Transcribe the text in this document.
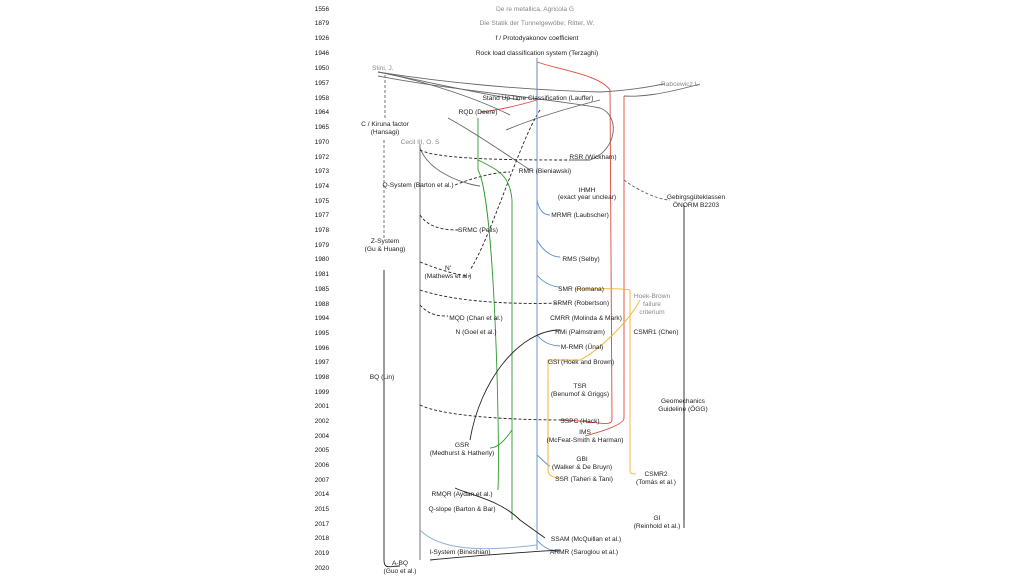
1556
1879
1926
1946
1950
1957
1958
1964
1965
1970
1972
1973
1974
1975
1977
1978
1979
1980
1981
1985
1988
1994
1995
1996
1997
1998
1999
2001
2002
2004
2005
2006
2007
2014
2015
2017
2018
2019
2020
De re metallica, Agricola G
Die Statik der Tunnelgewöbe; Ritter, W.
f / Protodyakonov coefficient
Rock load classification system (Terzaghi)
Stini, J.
Rabcewicz L.
Stand Up Time Classification (Lauffer)
RQD (Deere)
C / Kiruna factor
(Hansagi)
Cecil III, O. S
RSR (Wickham)
RMR (Bieniawski)
Q-System (Barton et al.)
IHMH
(exact year unclear)	Gebirgsgüteklassen
ÖNORM B2203
MRMR (Laubscher)
SRMC (Pells)
Z-System
(Gu & Huang)
N'
(Mathews et al.)
RMS (Selby)
SMR (Romana)
Hoek-Brown
failure
criterium
SRMR (Robertson)
MQD (Chan et al.)	CMRR (Molinda & Mark)
N (Goel et al.)	RMi (Palmstrøm)	CSMR1 (Chen)
M-RMR (Ünal)
GSI (Hoek and Brown)
BQ (Lin)
TSR
(Benumof & Griggs)
Geomechanics
Guideline (ÖGG)
SSPC (Hack)
IMS
(McFeat-Smith & Harman)
GSR
(Medhurst & Hatherly)
GBI
(Walker & De Bruyn)
SSR (Taheri & Tani)
CSMR2
(Tomás et al.)
RMQR (Aydan et al.)
Q-slope (Barton & Bar)
GI
(Reinhold et al.)
SSAM (McQuillan et al.)
I-System (Bineshian)	ARMR (Saroglou et al.)
A-BQ
(Guo et al.)
